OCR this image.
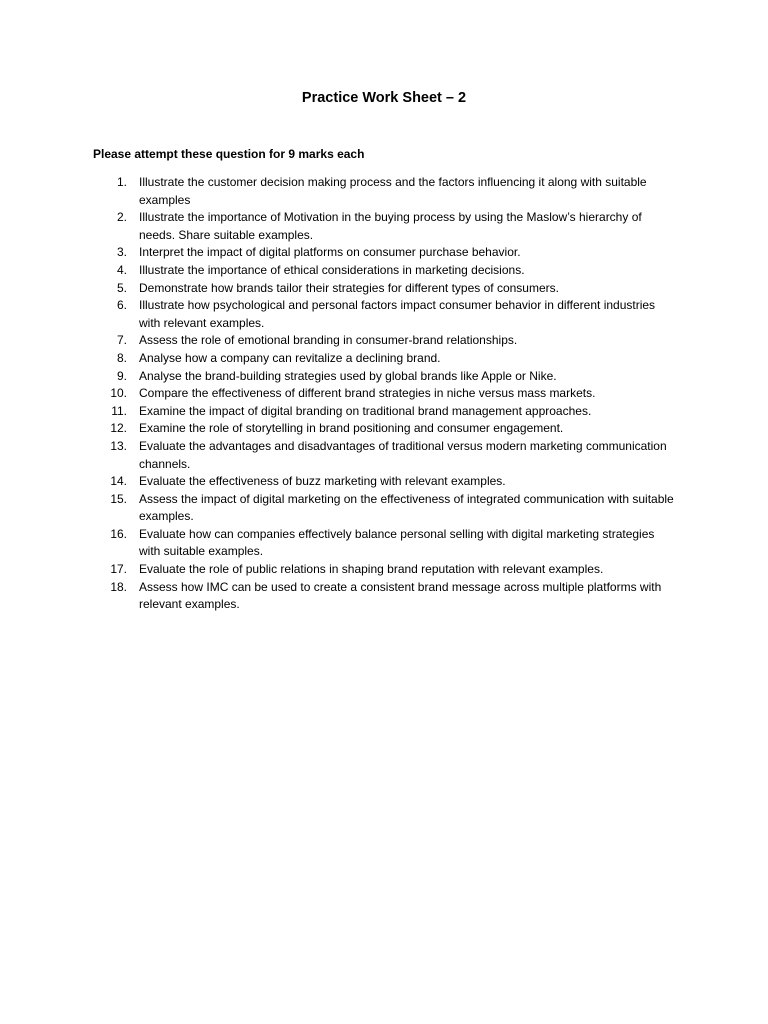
Practice Work Sheet – 2
Please attempt these question for 9 marks each
1. Illustrate the customer decision making process and the factors influencing it along with suitable examples
2. Illustrate the importance of Motivation in the buying process by using the Maslow’s hierarchy of needs. Share suitable examples.
3. Interpret the impact of digital platforms on consumer purchase behavior.
4. Illustrate the importance of ethical considerations in marketing decisions.
5. Demonstrate how brands tailor their strategies for different types of consumers.
6. Illustrate how psychological and personal factors impact consumer behavior in different industries with relevant examples.
7. Assess the role of emotional branding in consumer-brand relationships.
8. Analyse how a company can revitalize a declining brand.
9. Analyse the brand-building strategies used by global brands like Apple or Nike.
10. Compare the effectiveness of different brand strategies in niche versus mass markets.
11. Examine the impact of digital branding on traditional brand management approaches.
12. Examine the role of storytelling in brand positioning and consumer engagement.
13. Evaluate the advantages and disadvantages of traditional versus modern marketing communication channels.
14. Evaluate the effectiveness of buzz marketing with relevant examples.
15. Assess the impact of digital marketing on the effectiveness of integrated communication with suitable examples.
16. Evaluate how can companies effectively balance personal selling with digital marketing strategies with suitable examples.
17. Evaluate the role of public relations in shaping brand reputation with relevant examples.
18. Assess how IMC can be used to create a consistent brand message across multiple platforms with relevant examples.
